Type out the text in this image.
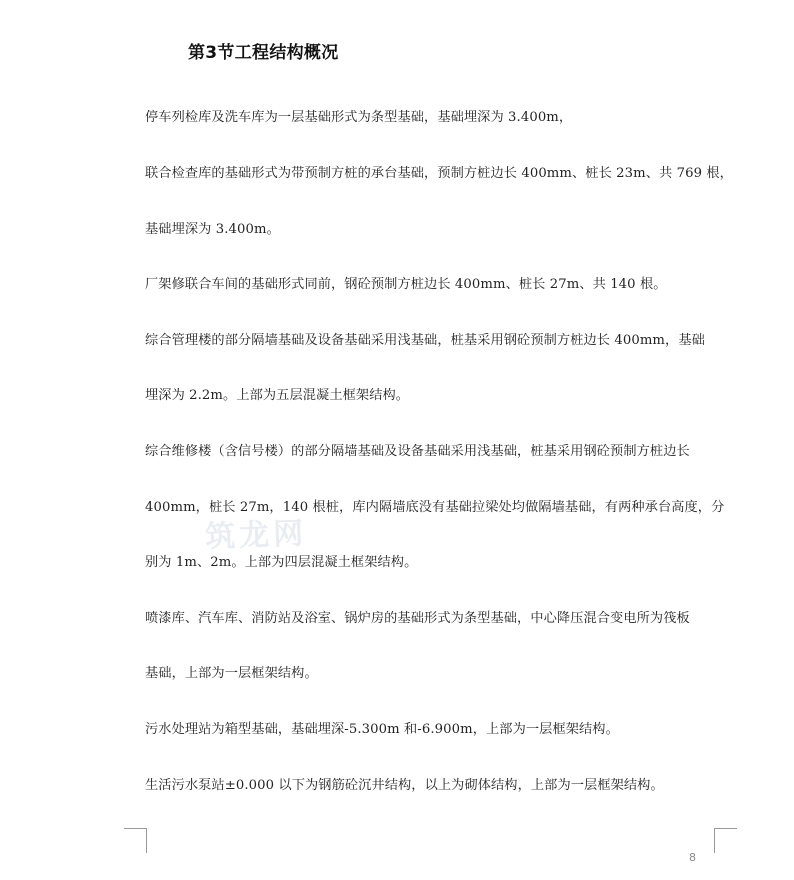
第3节工程结构概况
停车列检库及洗车库为一层基础形式为条型基础，基础埋深为 3.400m，
联合检查库的基础形式为带预制方桩的承台基础，预制方桩边长 400mm、桩长 23m、共 769 根，
基础埋深为 3.400m。
厂架修联合车间的基础形式同前，钢砼预制方桩边长 400mm、桩长 27m、共 140 根。
综合管理楼的部分隔墙基础及设备基础采用浅基础，桩基采用钢砼预制方桩边长 400mm，基础
埋深为 2.2m。上部为五层混凝土框架结构。
综合维修楼（含信号楼）的部分隔墙基础及设备基础采用浅基础，桩基采用钢砼预制方桩边长
400mm，桩长 27m，140 根桩，库内隔墙底没有基础拉梁处均做隔墙基础，有两种承台高度，分
别为 1m、2m。上部为四层混凝土框架结构。
喷漆库、汽车库、消防站及浴室、锅炉房的基础形式为条型基础，中心降压混合变电所为筏板
基础，上部为一层框架结构。
污水处理站为箱型基础，基础埋深-5.300m 和-6.900m，上部为一层框架结构。
生活污水泵站±0.000 以下为钢筋砼沉井结构，以上为砌体结构，上部为一层框架结构。
筑龙网
8
